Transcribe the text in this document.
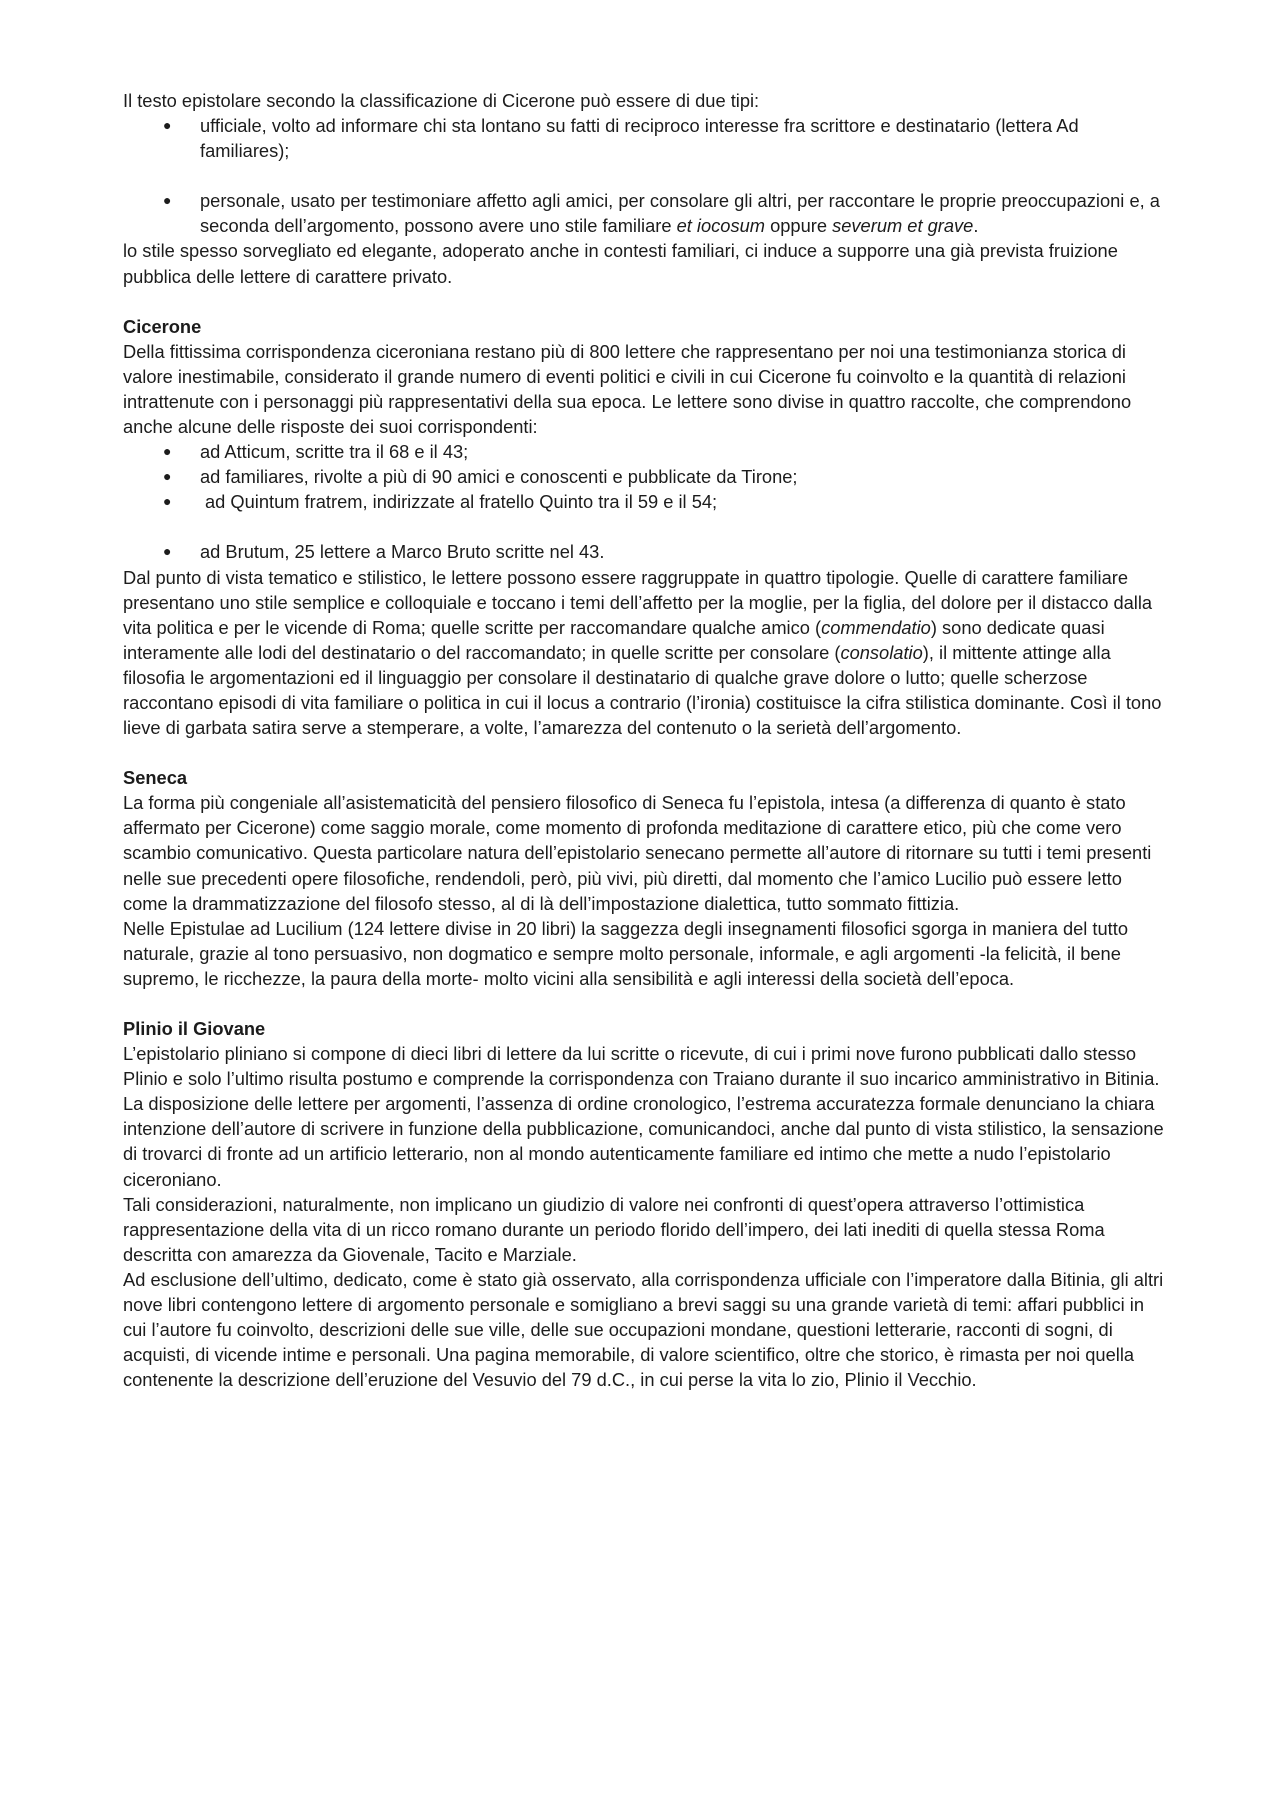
Il testo epistolare secondo la classificazione di Cicerone può essere di due tipi:

● ufficiale, volto ad informare chi sta lontano su fatti di reciproco interesse fra scrittore e destinatario (lettera Ad familiares);
● personale, usato per testimoniare affetto agli amici, per consolare gli altri, per raccontare le proprie preoccupazioni e, a seconda dell’argomento, possono avere uno stile familiare et iocosum oppure severum et grave.

lo stile spesso sorvegliato ed elegante, adoperato anche in contesti familiari, ci induce a supporre una già prevista fruizione pubblica delle lettere di carattere privato.

Cicerone

Della fittissima corrispondenza ciceroniana restano più di 800 lettere che rappresentano per noi una testimonianza storica di valore inestimabile, considerato il grande numero di eventi politici e civili in cui Cicerone fu coinvolto e la quantità di relazioni intrattenute con i personaggi più rappresentativi della sua epoca. Le lettere sono divise in quattro raccolte, che comprendono anche alcune delle risposte dei suoi corrispondenti:

● ad Atticum, scritte tra il 68 e il 43;
● ad familiares, rivolte a più di 90 amici e conoscenti e pubblicate da Tirone;
● ad Quintum fratrem, indirizzate al fratello Quinto tra il 59 e il 54;
● ad Brutum, 25 lettere a Marco Bruto scritte nel 43.

Dal punto di vista tematico e stilistico, le lettere possono essere raggruppate in quattro tipologie. Quelle di carattere familiare presentano uno stile semplice e colloquiale e toccano i temi dell’affetto per la moglie, per la figlia, del dolore per il distacco dalla vita politica e per le vicende di Roma; quelle scritte per raccomandare qualche amico (commendatio) sono dedicate quasi interamente alle lodi del destinatario o del raccomandato; in quelle scritte per consolare (consolatio), il mittente attinge alla filosofia le argomentazioni ed il linguaggio per consolare il destinatario di qualche grave dolore o lutto; quelle scherzose raccontano episodi di vita familiare o politica in cui il locus a contrario (l’ironia) costituisce la cifra stilistica dominante. Così il tono lieve di garbata satira serve a stemperare, a volte, l’amarezza del contenuto o la serietà dell’argomento.

Seneca

La forma più congeniale all’asistematicità del pensiero filosofico di Seneca fu l’epistola, intesa (a differenza di quanto è stato affermato per Cicerone) come saggio morale, come momento di profonda meditazione di carattere etico, più che come vero scambio comunicativo. Questa particolare natura dell’epistolario senecano permette all’autore di ritornare su tutti i temi presenti nelle sue precedenti opere filosofiche, rendendoli, però, più vivi, più diretti, dal momento che l’amico Lucilio può essere letto come la drammatizzazione del filosofo stesso, al di là dell’impostazione dialettica, tutto sommato fittizia.

Nelle Epistulae ad Lucilium (124 lettere divise in 20 libri) la saggezza degli insegnamenti filosofici sgorga in maniera del tutto naturale, grazie al tono persuasivo, non dogmatico e sempre molto personale, informale, e agli argomenti -la felicità, il bene supremo, le ricchezze, la paura della morte- molto vicini alla sensibilità e agli interessi della società dell’epoca.

Plinio il Giovane

L’epistolario pliniano si compone di dieci libri di lettere da lui scritte o ricevute, di cui i primi nove furono pubblicati dallo stesso Plinio e solo l’ultimo risulta postumo e comprende la corrispondenza con Traiano durante il suo incarico amministrativo in Bitinia. La disposizione delle lettere per argomenti, l’assenza di ordine cronologico, l’estrema accuratezza formale denunciano la chiara intenzione dell’autore di scrivere in funzione della pubblicazione, comunicandoci, anche dal punto di vista stilistico, la sensazione di trovarci di fronte ad un artificio letterario, non al mondo autenticamente familiare ed intimo che mette a nudo l’epistolario ciceroniano.

Tali considerazioni, naturalmente, non implicano un giudizio di valore nei confronti di quest’opera attraverso l’ottimistica rappresentazione della vita di un ricco romano durante un periodo florido dell’impero, dei lati inediti di quella stessa Roma descritta con amarezza da Giovenale, Tacito e Marziale.

Ad esclusione dell’ultimo, dedicato, come è stato già osservato, alla corrispondenza ufficiale con l’imperatore dalla Bitinia, gli altri nove libri contengono lettere di argomento personale e somigliano a brevi saggi su una grande varietà di temi: affari pubblici in cui l’autore fu coinvolto, descrizioni delle sue ville, delle sue occupazioni mondane, questioni letterarie, racconti di sogni, di acquisti, di vicende intime e personali. Una pagina memorabile, di valore scientifico, oltre che storico, è rimasta per noi quella contenente la descrizione dell’eruzione del Vesuvio del 79 d.C., in cui perse la vita lo zio, Plinio il Vecchio.
